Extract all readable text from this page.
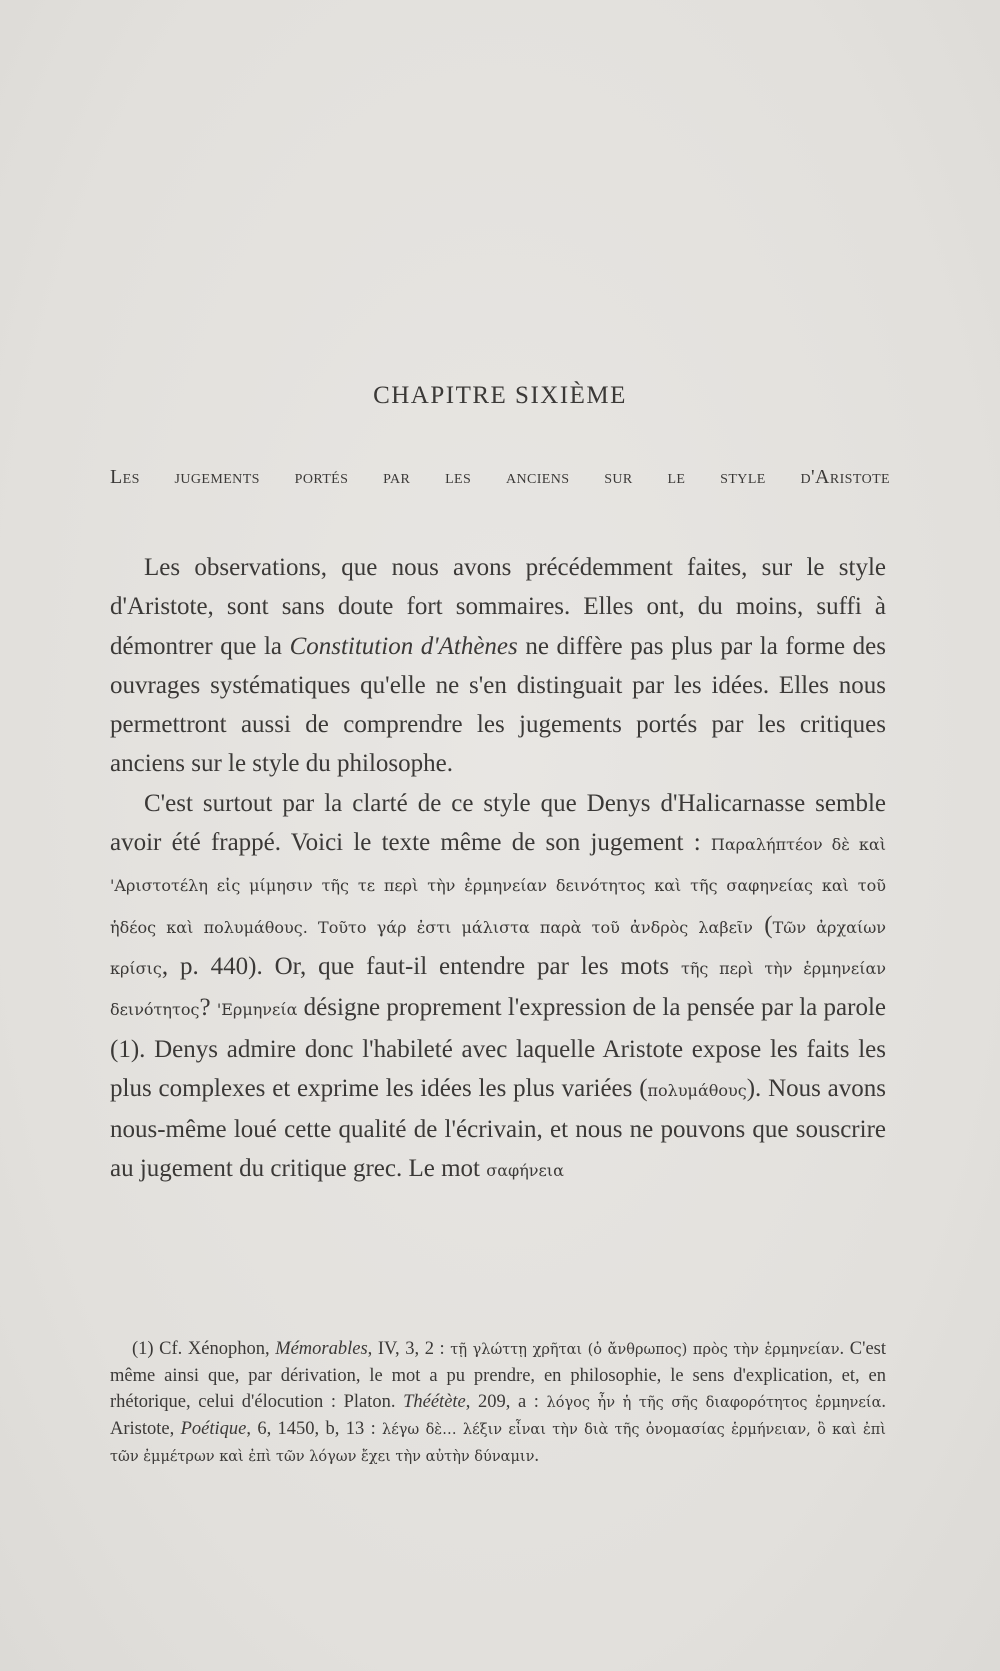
CHAPITRE SIXIÈME
Les jugements portés par les anciens sur le style d'Aristote

Les observations, que nous avons précédemment faites, sur le style d'Aristote, sont sans doute fort sommaires. Elles ont, du moins, suffi à démontrer que la Constitution d'Athènes ne diffère pas plus par la forme des ouvrages systématiques qu'elle ne s'en distinguait par les idées. Elles nous permettront aussi de comprendre les jugements portés par les critiques anciens sur le style du philosophe.

C'est surtout par la clarté de ce style que Denys d'Halicarnasse semble avoir été frappé. Voici le texte même de son jugement : Παραλήπτέον δὲ καὶ 'Αριστοτέλη εἰς μίμησιν τῆς τε περὶ τὴν ἑρμηνείαν δεινότητος καὶ τῆς σαφηνείας καὶ τοῦ ἡδέος καὶ πολυμάθους. Τοῦτο γάρ ἐστι μάλιστα παρὰ τοῦ ἀνδρὸς λαβεῖν (Τῶν ἀρχαίων κρίσις, p. 440). Or, que faut-il entendre par les mots τῆς περὶ τὴν ἑρμηνείαν δεινότητος? 'Ερμηνεία désigne proprement l'expression de la pensée par la parole (1). Denys admire donc l'habileté avec laquelle Aristote expose les faits les plus complexes et exprime les idées les plus variées (πολυμάθους). Nous avons nous-même loué cette qualité de l'écrivain, et nous ne pouvons que souscrire au jugement du critique grec. Le mot σαφήνεια

(1) Cf. Xénophon, Mémorables, IV, 3, 2 : τῇ γλώττῃ χρῆται (ὁ ἄνθρωπος) πρὸς τὴν ἑρμηνείαν. C'est même ainsi que, par dérivation, le mot a pu prendre, en philosophie, le sens d'explication, et, en rhétorique, celui d'élocution : Platon. Théétète, 209, a : λόγος ἦν ἡ τῆς σῆς διαφορότητος ἑρμηνεία. Aristote, Poétique, 6, 1450, b, 13 : λέγω δὲ… λέξιν εἶναι τὴν διὰ τῆς ὀνομασίας ἑρμήνειαν, ὃ καὶ ἐπὶ τῶν ἐμμέτρων καὶ ἐπὶ τῶν λόγων ἔχει τὴν αὐτὴν δύναμιν.
